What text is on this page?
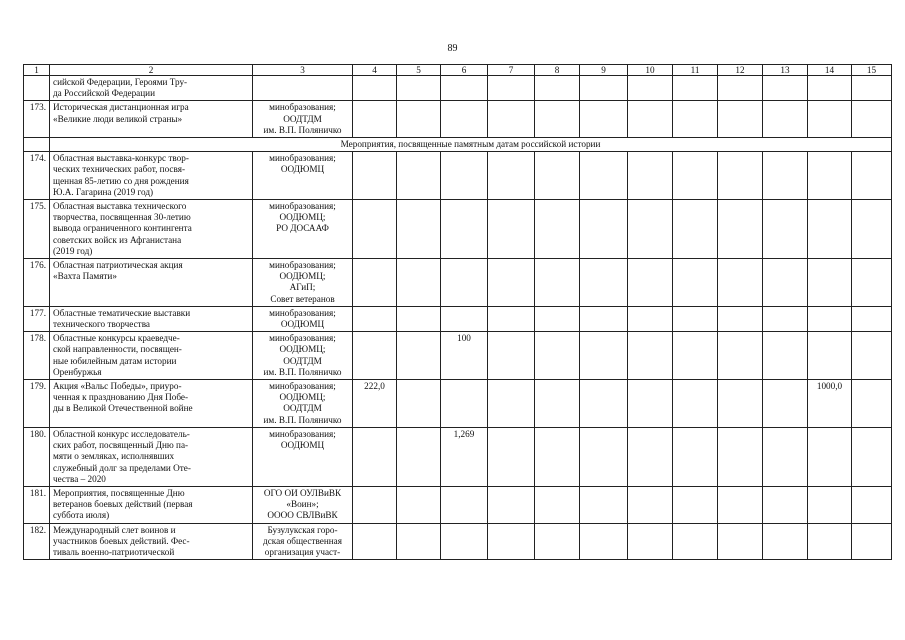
89
1	2	3	4	5	6	7	8	9	10	11	12	13	14	15
	сийской Федерации, Героями Тру-
да Российской Федерации													
173.	Историческая дистанционная игра
«Великие люди великой страны»	минобразования;
ООДТДМ
им. В.П. Поляничко												
	Мероприятия, посвященные памятным датам российской истории													
174.	Областная выставка-конкурс твор-
ческих технических работ, посвя-
щенная 85-летию со дня рождения
Ю.А. Гагарина (2019 год)	минобразования;
ООДЮМЦ												
175.	Областная выставка технического
творчества, посвященная 30-летию
вывода ограниченного контингента
советских войск из Афганистана
(2019 год)	минобразования;
ООДЮМЦ;
РО ДОСААФ												
176.	Областная патриотическая акция
«Вахта Памяти»	минобразования;
ООДЮМЦ;
АГиП;
Совет ветеранов												
177.	Областные тематические выставки
технического творчества	минобразования;
ООДЮМЦ												
178.	Областные конкурсы краеведче-
ской направленности, посвящен-
ные юбилейным датам истории
Оренбуржья	минобразования;
ООДЮМЦ;
ООДТДМ
им. В.П. Поляничко			100									
179.	Акция «Вальс Победы», приуро-
ченная к празднованию Дня Побе-
ды в Великой Отечественной войне	минобразования;
ООДЮМЦ;
ООДТДМ
им. В.П. Поляничко	222,0										1000,0	
180.	Областной конкурс исследователь-
ских работ, посвященный Дню па-
мяти о земляках, исполнявших
служебный долг за пределами Оте-
чества – 2020	минобразования;
ООДЮМЦ			1,269									
181.	Мероприятия, посвященные Дню
ветеранов боевых действий (первая
суббота июля)	ОГО ОИ ОУЛВиВК
«Воин»;
ОООО СВЛВиВК												
182.	Международный слет воинов и
участников боевых действий. Фес-
тиваль военно-патриотической	Бузулукская горо-
дская общественная
организация участ-												
